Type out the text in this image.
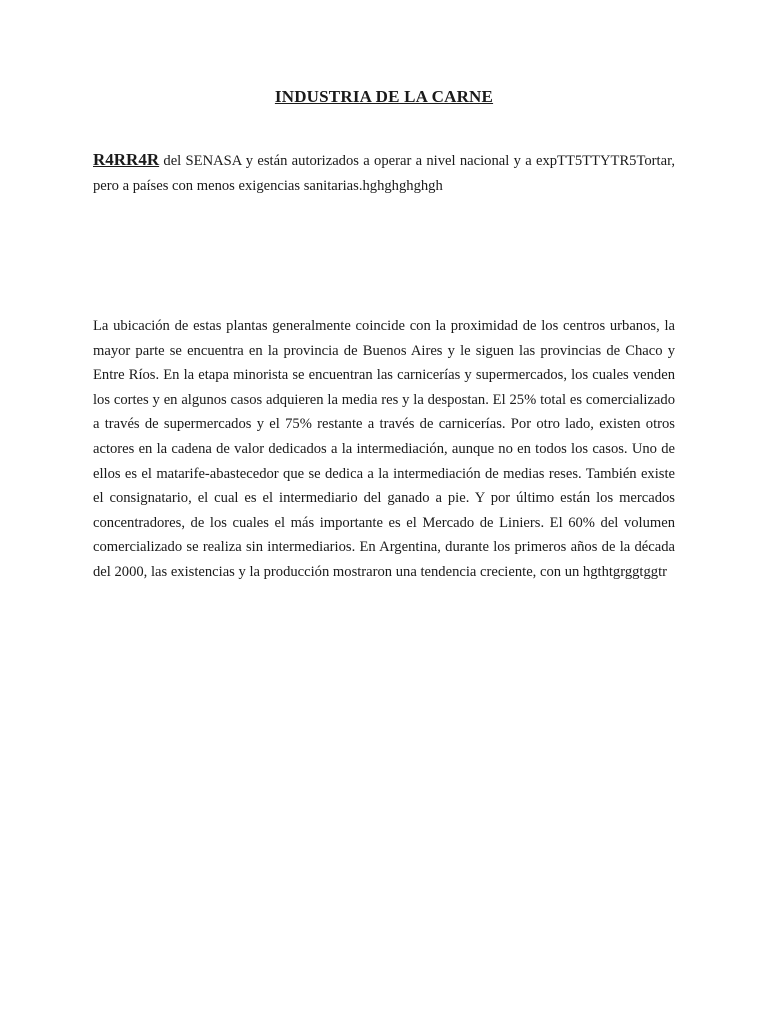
INDUSTRIA DE LA CARNE

R4RR4R del SENASA y están autorizados a operar a nivel nacional y a expTT5TTYTR5Tortar, pero a países con menos exigencias sanitarias.hghghghghgh

La ubicación de estas plantas generalmente coincide con la proximidad de los centros urbanos, la mayor parte se encuentra en la provincia de Buenos Aires y le siguen las provincias de Chaco y Entre Ríos. En la etapa minorista se encuentran las carnicerías y supermercados, los cuales venden los cortes y en algunos casos adquieren la media res y la despostan. El 25% total es comercializado a través de supermercados y el 75% restante a través de carnicerías. Por otro lado, existen otros actores en la cadena de valor dedicados a la intermediación, aunque no en todos los casos. Uno de ellos es el matarife-abastecedor que se dedica a la intermediación de medias reses. También existe el consignatario, el cual es el intermediario del ganado a pie. Y por último están los mercados concentradores, de los cuales el más importante es el Mercado de Liniers. El 60% del volumen comercializado se realiza sin intermediarios. En Argentina, durante los primeros años de la década del 2000, las existencias y la producción mostraron una tendencia creciente, con un hgthtgrggtggtr
